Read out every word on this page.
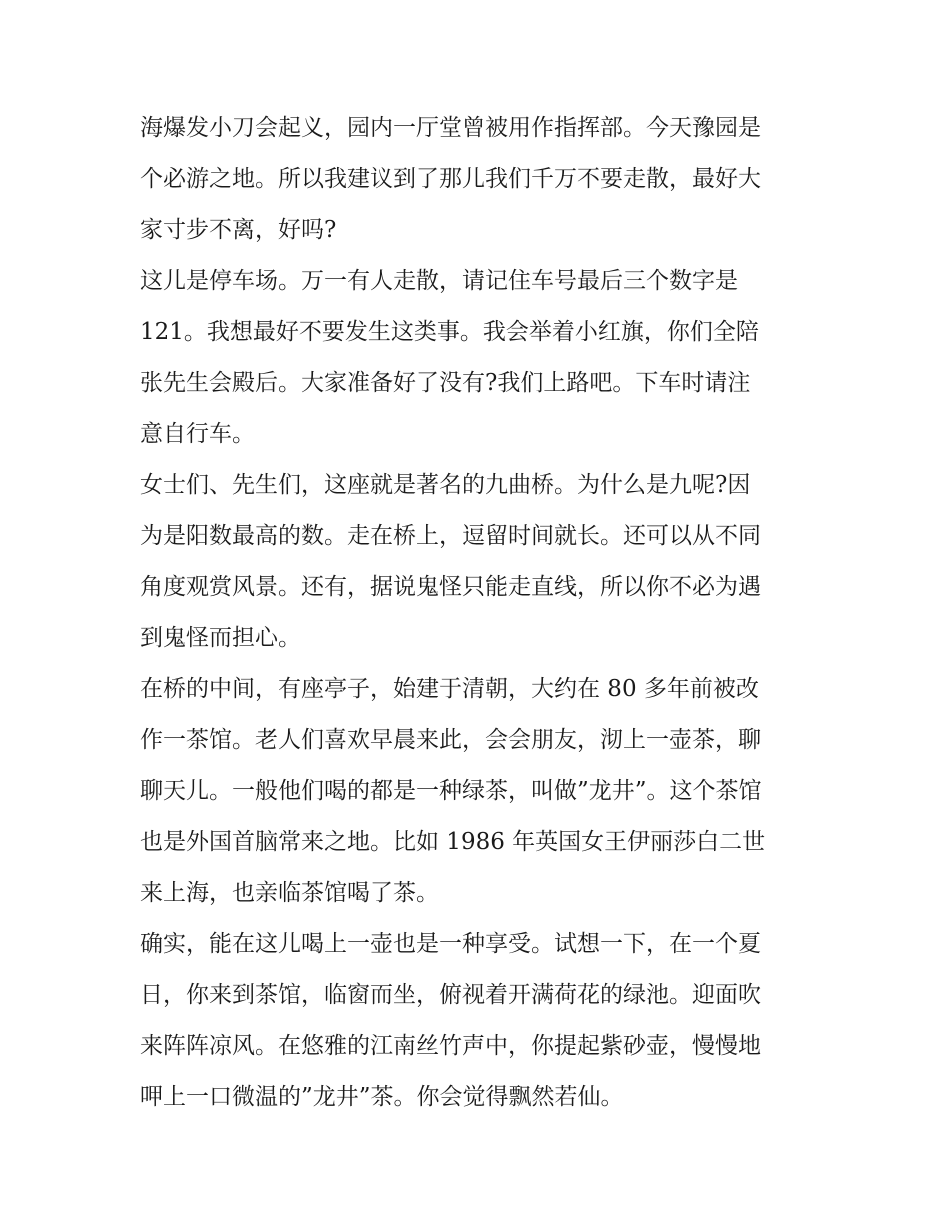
海爆发小刀会起义，园内一厅堂曾被用作指挥部。今天豫园是
个必游之地。所以我建议到了那儿我们千万不要走散，最好大
家寸步不离，好吗?
这儿是停车场。万一有人走散，请记住车号最后三个数字是
121。我想最好不要发生这类事。我会举着小红旗，你们全陪
张先生会殿后。大家准备好了没有?我们上路吧。下车时请注
意自行车。
女士们、先生们，这座就是著名的九曲桥。为什么是九呢?因
为是阳数最高的数。走在桥上，逗留时间就长。还可以从不同
角度观赏风景。还有，据说鬼怪只能走直线，所以你不必为遇
到鬼怪而担心。
在桥的中间，有座亭子，始建于清朝，大约在 80 多年前被改
作一茶馆。老人们喜欢早晨来此，会会朋友，沏上一壶茶，聊
聊天儿。一般他们喝的都是一种绿茶，叫做”龙井”。这个茶馆
也是外国首脑常来之地。比如 1986 年英国女王伊丽莎白二世
来上海，也亲临茶馆喝了茶。
确实，能在这儿喝上一壶也是一种享受。试想一下，在一个夏
日，你来到茶馆，临窗而坐，俯视着开满荷花的绿池。迎面吹
来阵阵凉风。在悠雅的江南丝竹声中，你提起紫砂壶，慢慢地
呷上一口微温的”龙井”茶。你会觉得飘然若仙。
